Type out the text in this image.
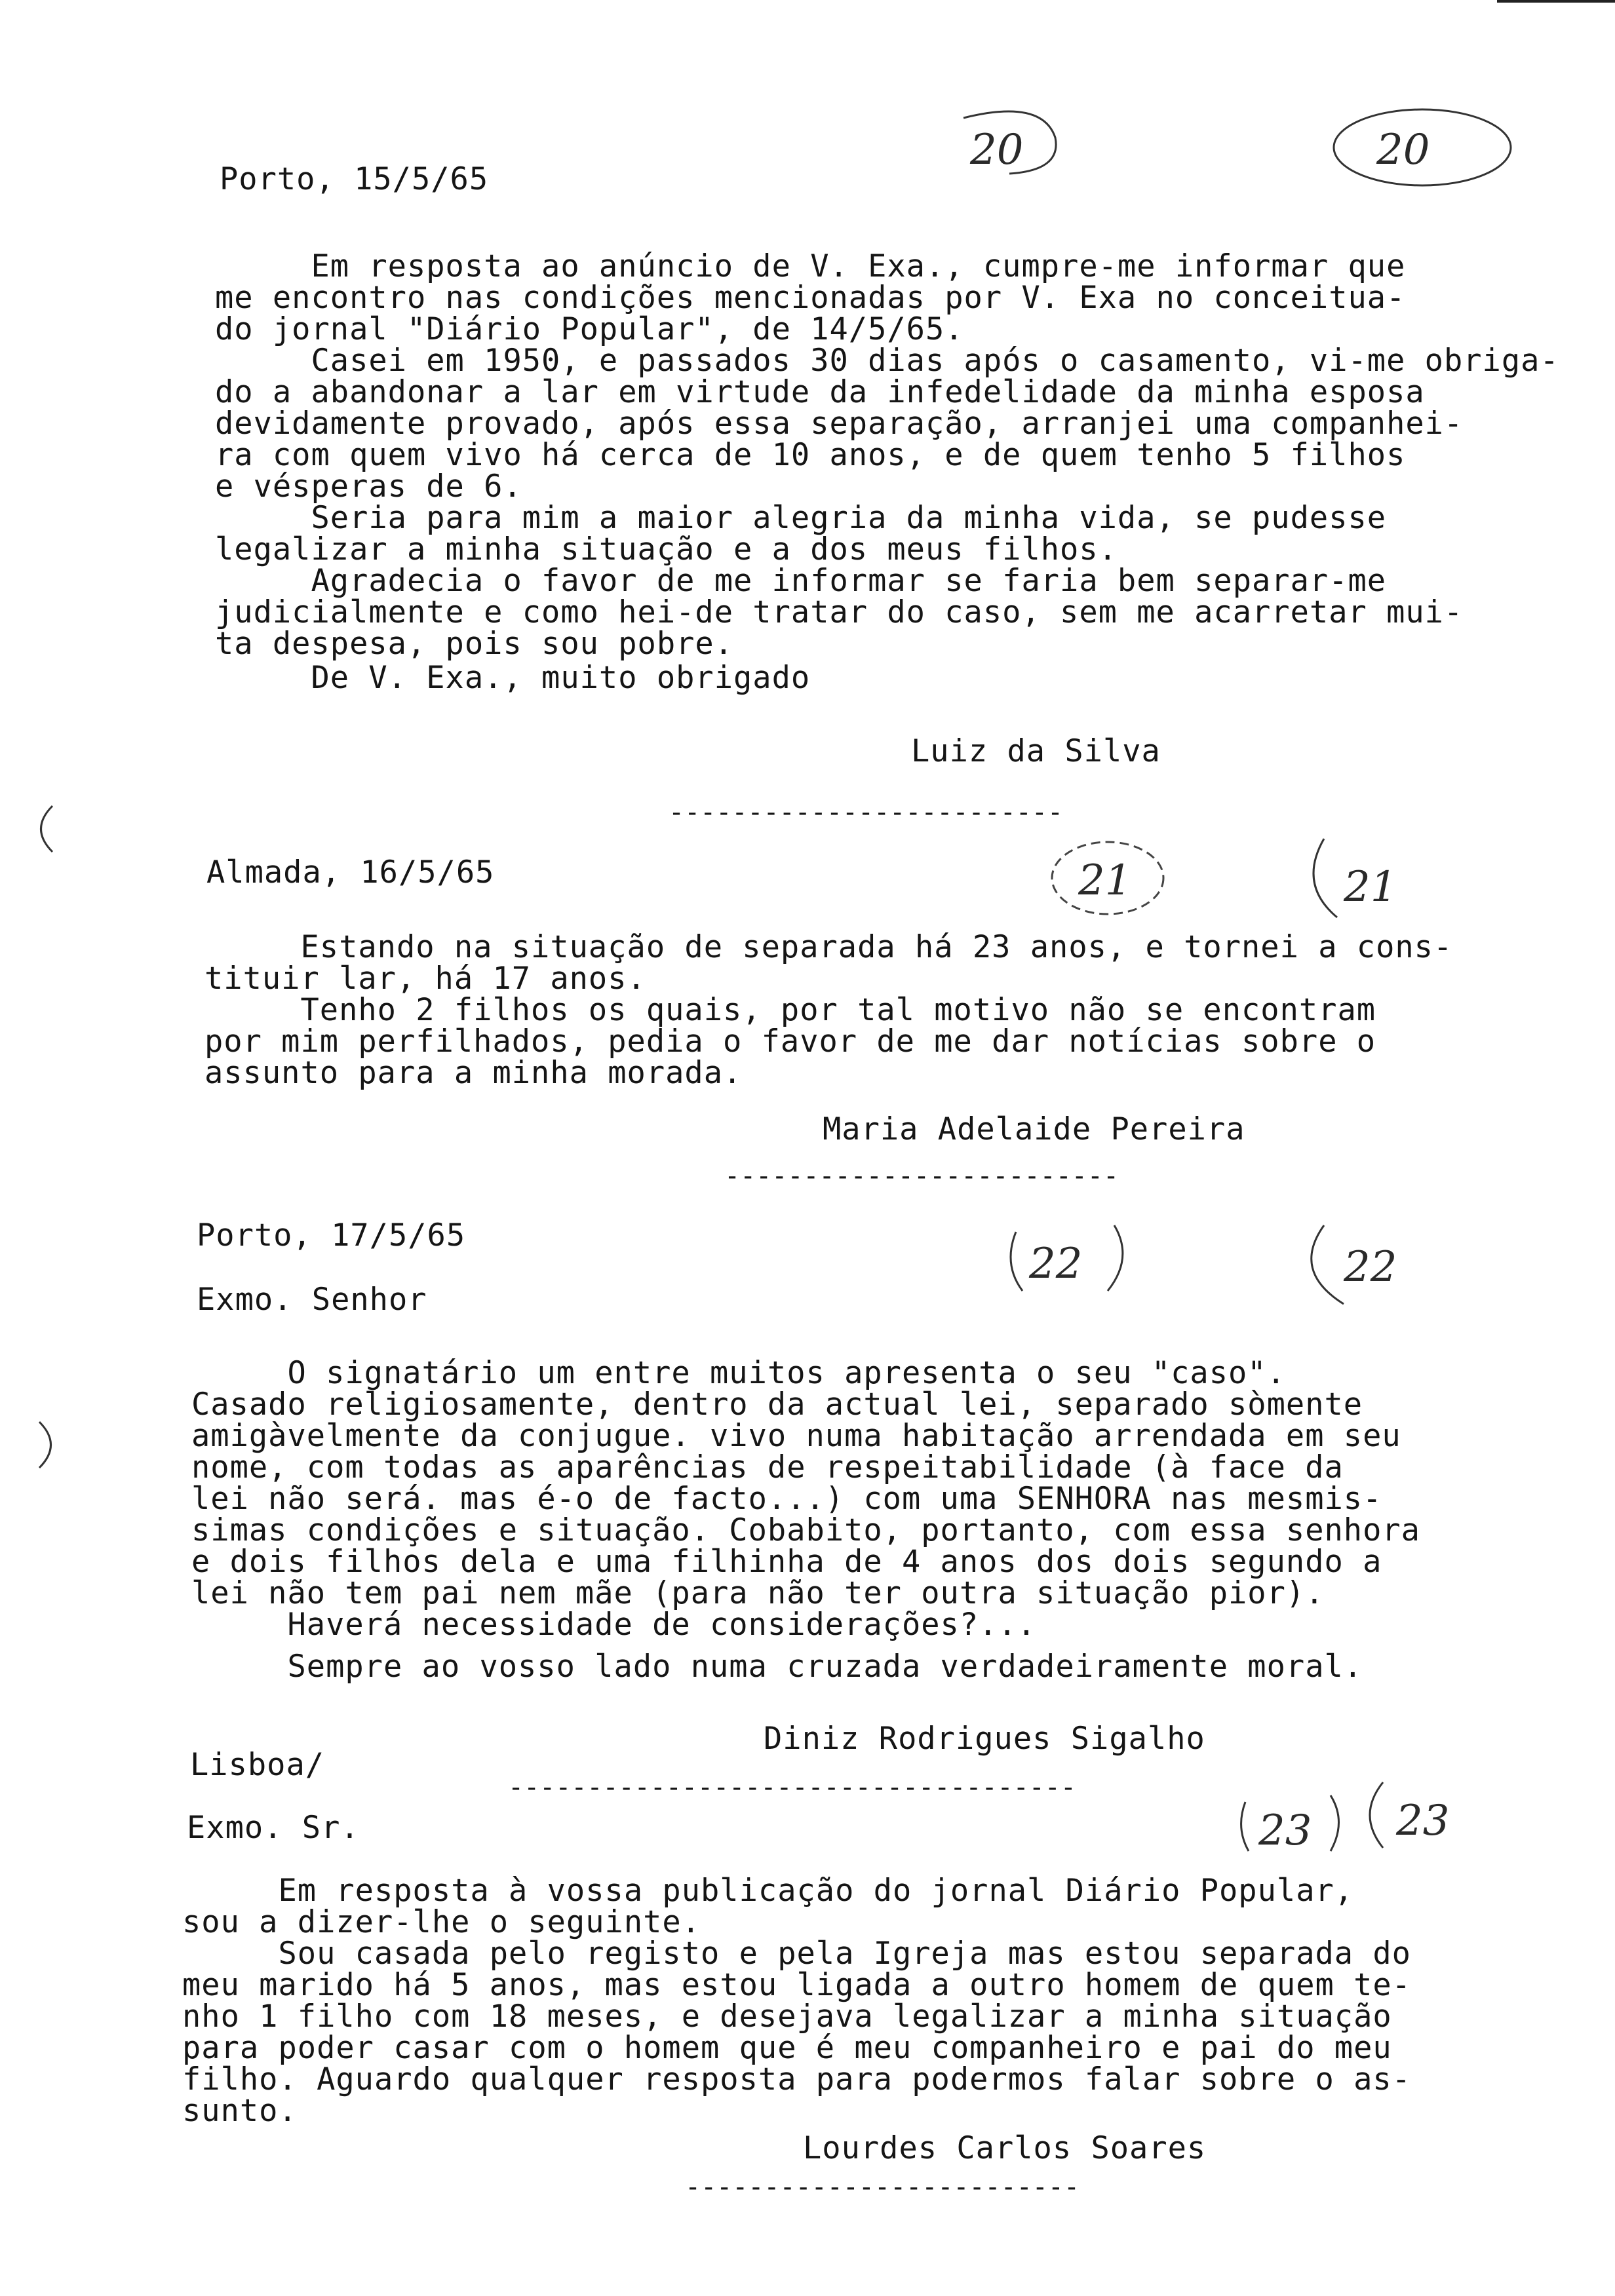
20	20
21	21
22	22
23 23
Porto, 15/5/65
Em resposta ao anúncio de V. Exa., cumpre-me informar que
me encontro nas condições mencionadas por V. Exa no conceitua-
do jornal "Diário Popular", de 14/5/65.
Casei em 1950, e passados 30 dias após o casamento, vi-me obriga-
do a abandonar a lar em virtude da infedelidade da minha esposa
devidamente provado, após essa separação, arranjei uma companhei-
ra com quem vivo há cerca de 10 anos, e de quem tenho 5 filhos
e vésperas de 6.
Seria para mim a maior alegria da minha vida, se pudesse
legalizar a minha situação e a dos meus filhos.
Agradecia o favor de me informar se faria bem separar-me
judicialmente e como hei-de tratar do caso, sem me acarretar mui-
ta despesa, pois sou pobre.
De V. Exa., muito obrigado
Luiz da Silva
-------------------------
Almada, 16/5/65
Estando na situação de separada há 23 anos, e tornei a cons-
tituir lar, há 17 anos.
Tenho 2 filhos os quais, por tal motivo não se encontram
por mim perfilhados, pedia o favor de me dar notícias sobre o
assunto para a minha morada.
Maria Adelaide Pereira
-------------------------
Porto, 17/5/65
Exmo. Senhor
O signatário um entre muitos apresenta o seu "caso".
Casado religiosamente, dentro da actual lei, separado sòmente
amigàvelmente da conjugue. vivo numa habitação arrendada em seu
nome, com todas as aparências de respeitabilidade (à face da
lei não será. mas é-o de facto...) com uma SENHORA nas mesmis-
simas condições e situação. Cobabito, portanto, com essa senhora
e dois filhos dela e uma filhinha de 4 anos dos dois segundo a
lei não tem pai nem mãe (para não ter outra situação pior).
Haverá necessidade de considerações?...
Sempre ao vosso lado numa cruzada verdadeiramente moral.
Diniz Rodrigues Sigalho
------------------------------------
Lisboa/
Exmo. Sr.
Em resposta à vossa publicação do jornal Diário Popular,
sou a dizer-lhe o seguinte.
Sou casada pelo registo e pela Igreja mas estou separada do
meu marido há 5 anos, mas estou ligada a outro homem de quem te-
nho 1 filho com 18 meses, e desejava legalizar a minha situação
para poder casar com o homem que é meu companheiro e pai do meu
filho. Aguardo qualquer resposta para podermos falar sobre o as-
sunto.
Lourdes Carlos Soares
-------------------------
